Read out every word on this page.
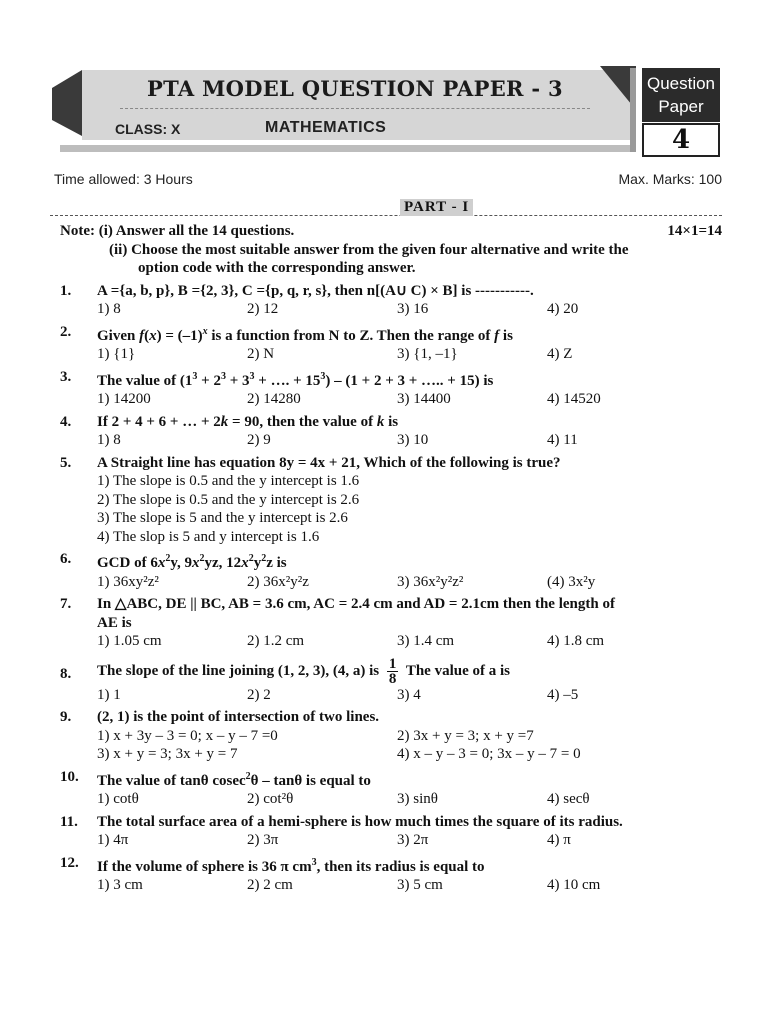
PTA MODEL QUESTION PAPER - 3
CLASS: X	MATHEMATICS
Question
Paper
4
Time allowed: 3 Hours	Max. Marks: 100
PART - I
Note: (i) Answer all the 14 questions.	14×1=14
(ii) Choose the most suitable answer from the given four alternative and write the
option code with the corresponding answer.
1. A ={a, b, p}, B ={2, 3}, C ={p, q, r, s}, then n[(A∪ C) × B] is -----------.
1) 8	2) 12	3) 16	4) 20
2. Given $f(x) = (-1)^x$ is a function from N to Z. Then the range of f is
1) {1}	2) N	3) {1, –1}	4) Z
3. The value of ($1^3 + 2^3 + 3^3$ + …. + $15^3) - (1 + 2 + 3$ + ….. + 15) is
1) 14200	2) 14280	3) 14400	4) 14520
4. If 2 + 4 + 6 + … + 2k = 90, then the value of k is
1) 8	2) 9	3) 10	4) 11
5. A Straight line has equation 8y = 4x + 21, Which of the following is true?
1) The slope is 0.5 and the y intercept is 1.6
2) The slope is 0.5 and the y intercept is 2.6
3) The slope is 5 and the y intercept is 2.6
4) The slop is 5 and y intercept is 1.6
6. GCD of $6x^2y$, $9x^2yz$, $12x^2y^2z$ is
1) 36xy²z²	2) 36x²y²z	3) 36x²y²z²	(4) 3x²y
7. In △ABC, DE || BC, AB = 3.6 cm, AC = 2.4 cm and AD = 2.1cm then the length of
AE is
1) 1.05 cm	2) 1.2 cm	3) 1.4 cm	4) 1.8 cm
8. The slope of the line joining (1, 2, 3), (4, a) is $\frac{1}{8}$ The value of a is
1) 1	2) 2	3) 4	4) –5
9. (2, 1) is the point of intersection of two lines.
1) x + 3y – 3 = 0; x – y – 7 =0	2) 3x + y = 3; x + y =7
3) x + y = 3; 3x + y = 7	4) x – y – 3 = 0; 3x – y – 7 = 0
10. The value of tanθ cosec$^2$θ – tanθ is equal to
1) cotθ	2) cot²θ	3) sinθ	4) secθ
11. The total surface area of a hemi-sphere is how much times the square of its radius.
1) 4π	2) 3π	3) 2π	4) π
12. If the volume of sphere is 36 π $cm^3$, then its radius is equal to
1) 3 cm	2) 2 cm	3) 5 cm	4) 10 cm
